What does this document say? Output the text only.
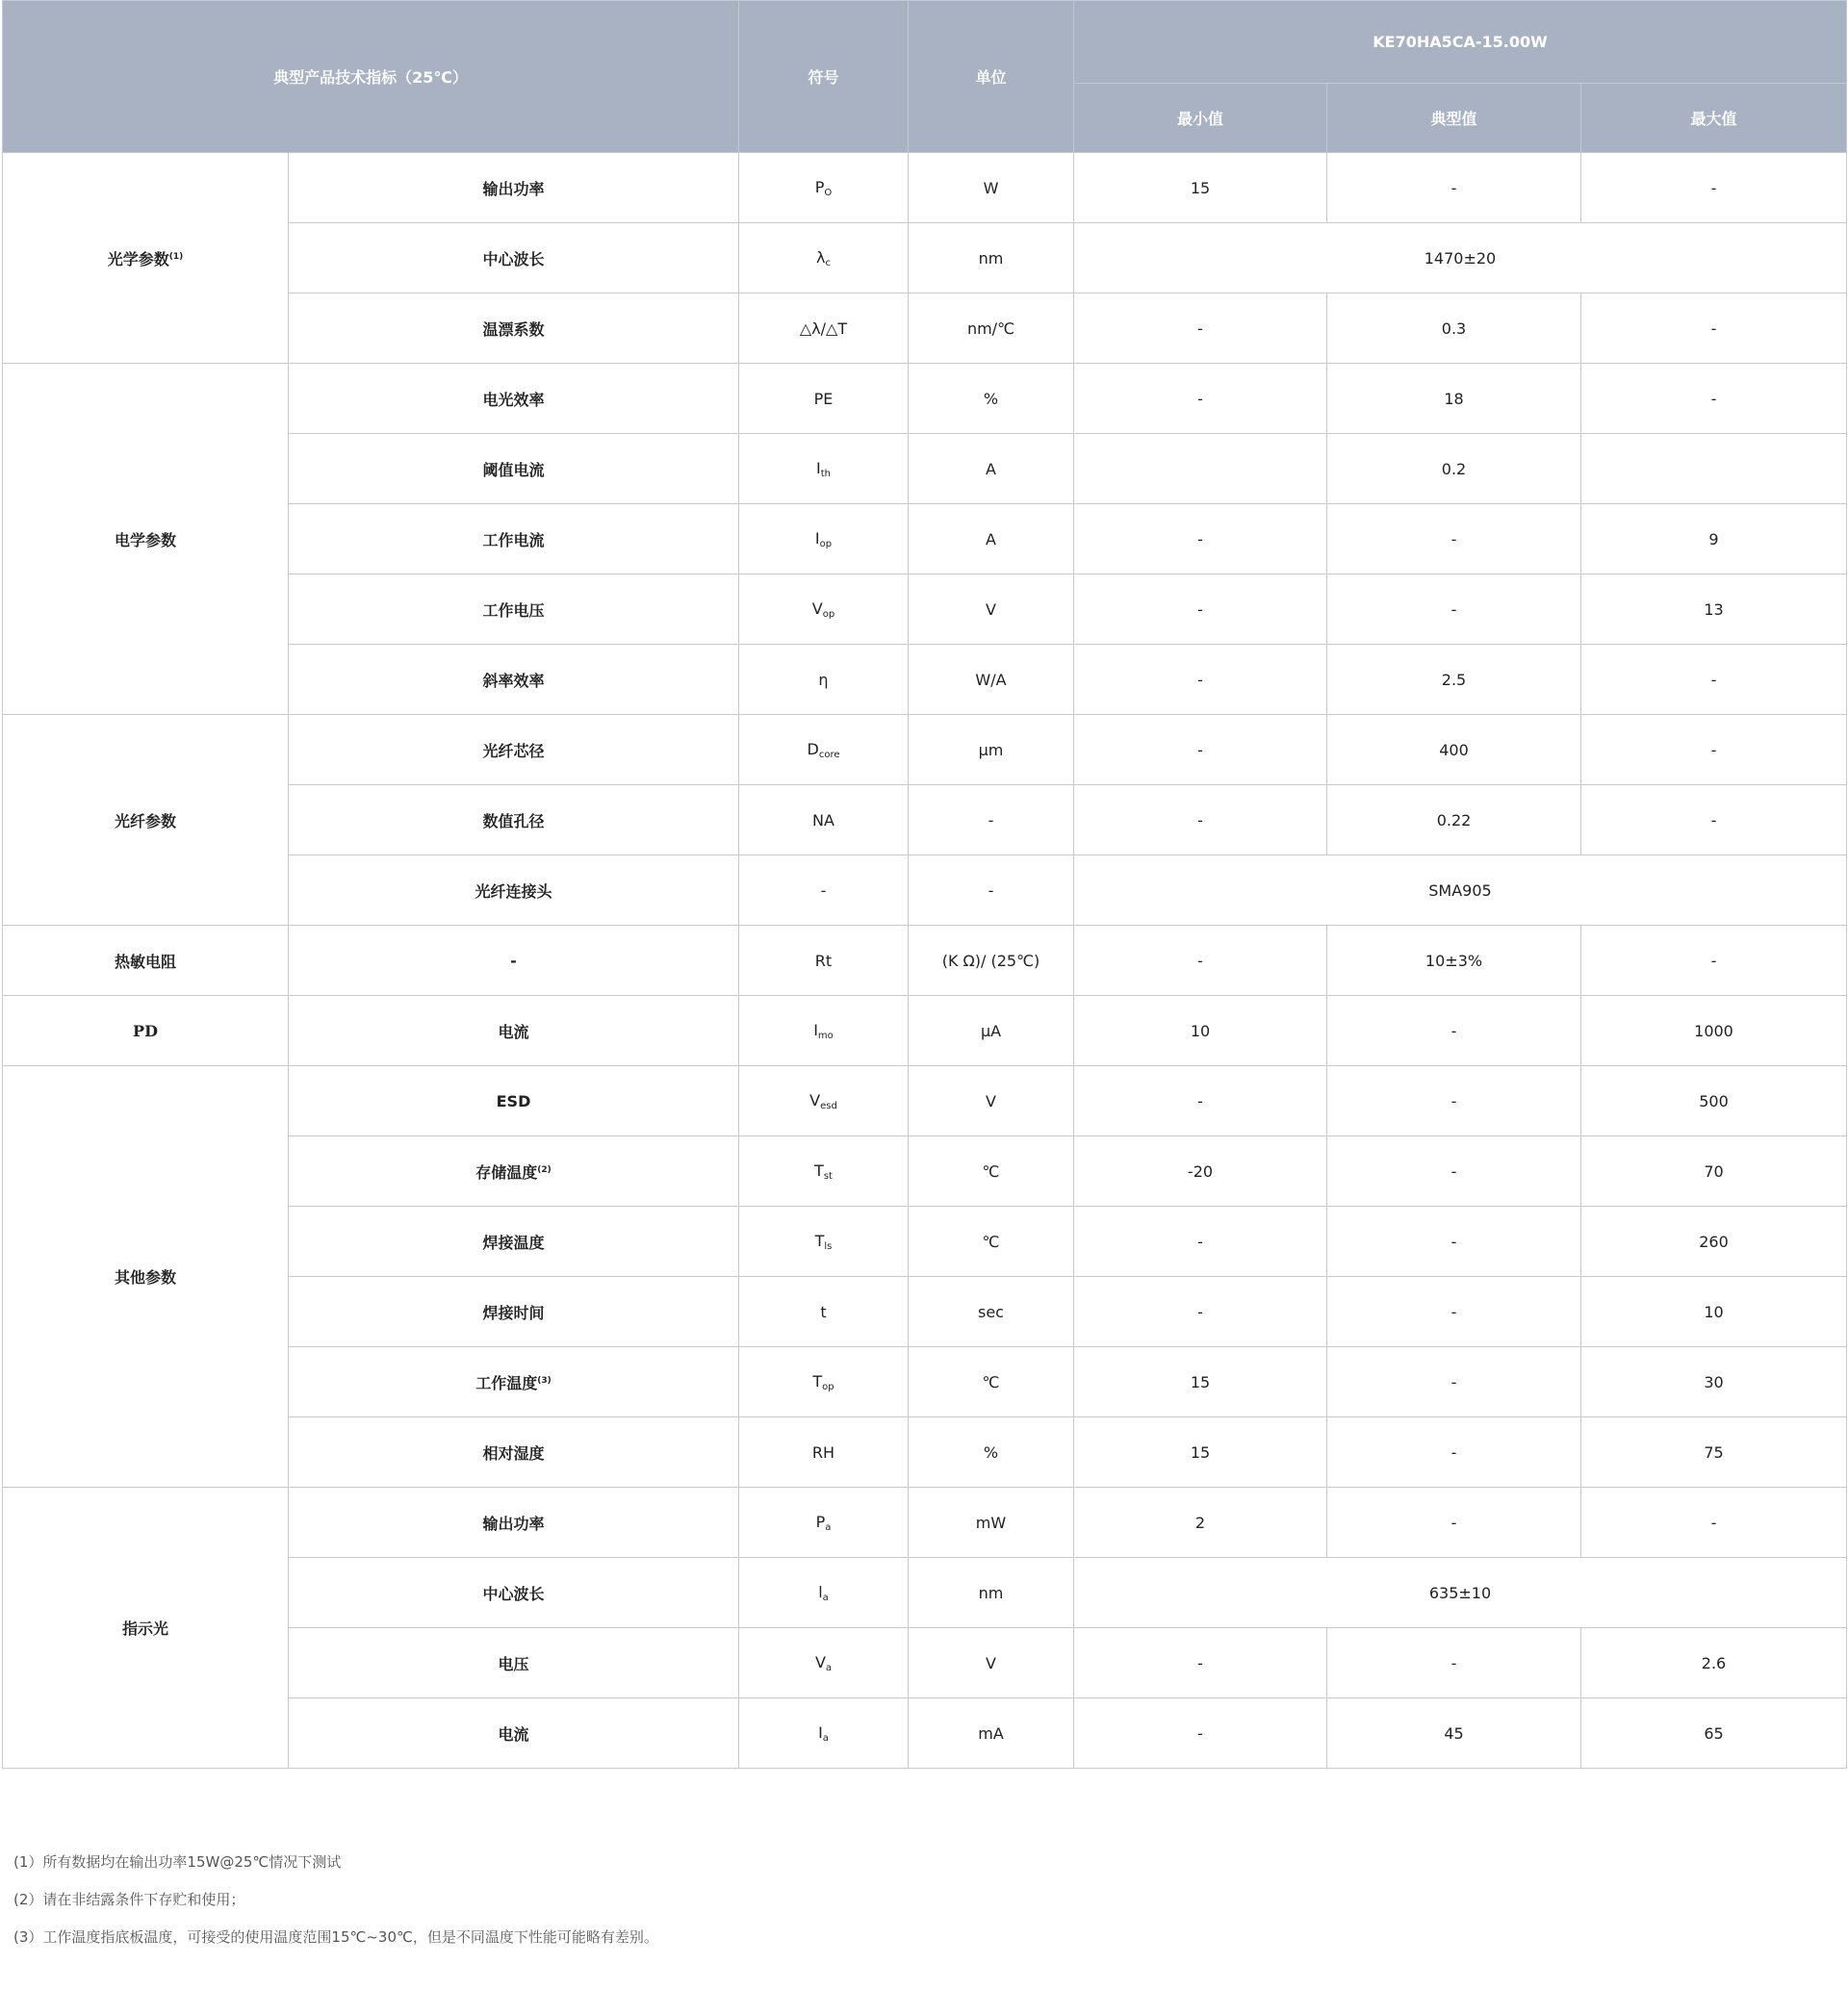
典型产品技术指标（25℃）		符号	单位	KE70HA5CA-15.00W		
				最小值	典型值	最大值
光学参数$^{(1)}$	输出功率	$P_O$	W	15	-	-
	中心波长	$\lambda_c$	nm	1470±20		
	温漂系数	△λ/△T	nm/℃	-	0.3	-
电学参数	电光效率	PE	%	-	18	-
	阈值电流	$I_{th}$	A		0.2	
	工作电流	$I_{op}$	A	-	-	9
	工作电压	$V_{op}$	V	-	-	13
	斜率效率	η	W/A	-	2.5	-
光纤参数	光纤芯径	$D_{core}$	μm	-	400	-
	数值孔径	NA	-	-	0.22	-
	光纤连接头	-	-	SMA905		
热敏电阻	-	Rt	(K Ω)/ (25℃)	-	10±3%	-
PD	电流	$I_{mo}$	μA	10	-	1000
其他参数	ESD	$V_{esd}$	V	-	-	500
	存储温度$^{(2)}$	$T_{st}$	℃	-20	-	70
	焊接温度	$T_{ls}$	℃	-	-	260
	焊接时间	t	sec	-	-	10
	工作温度$^{(3)}$	$T_{op}$	℃	15	-	30
	相对湿度	RH	%	15	-	75
指示光	输出功率	$P_a$	mW	2	-	-
	中心波长	$l_a$	nm	635±10		
	电压	$V_a$	V	-	-	2.6
	电流	$I_a$	mA	-	45	65
(1）所有数据均在输出功率15W@25℃情况下测试
(2）请在非结露条件下存贮和使用；
(3）工作温度指底板温度，可接受的使用温度范围15℃~30℃，但是不同温度下性能可能略有差别。
